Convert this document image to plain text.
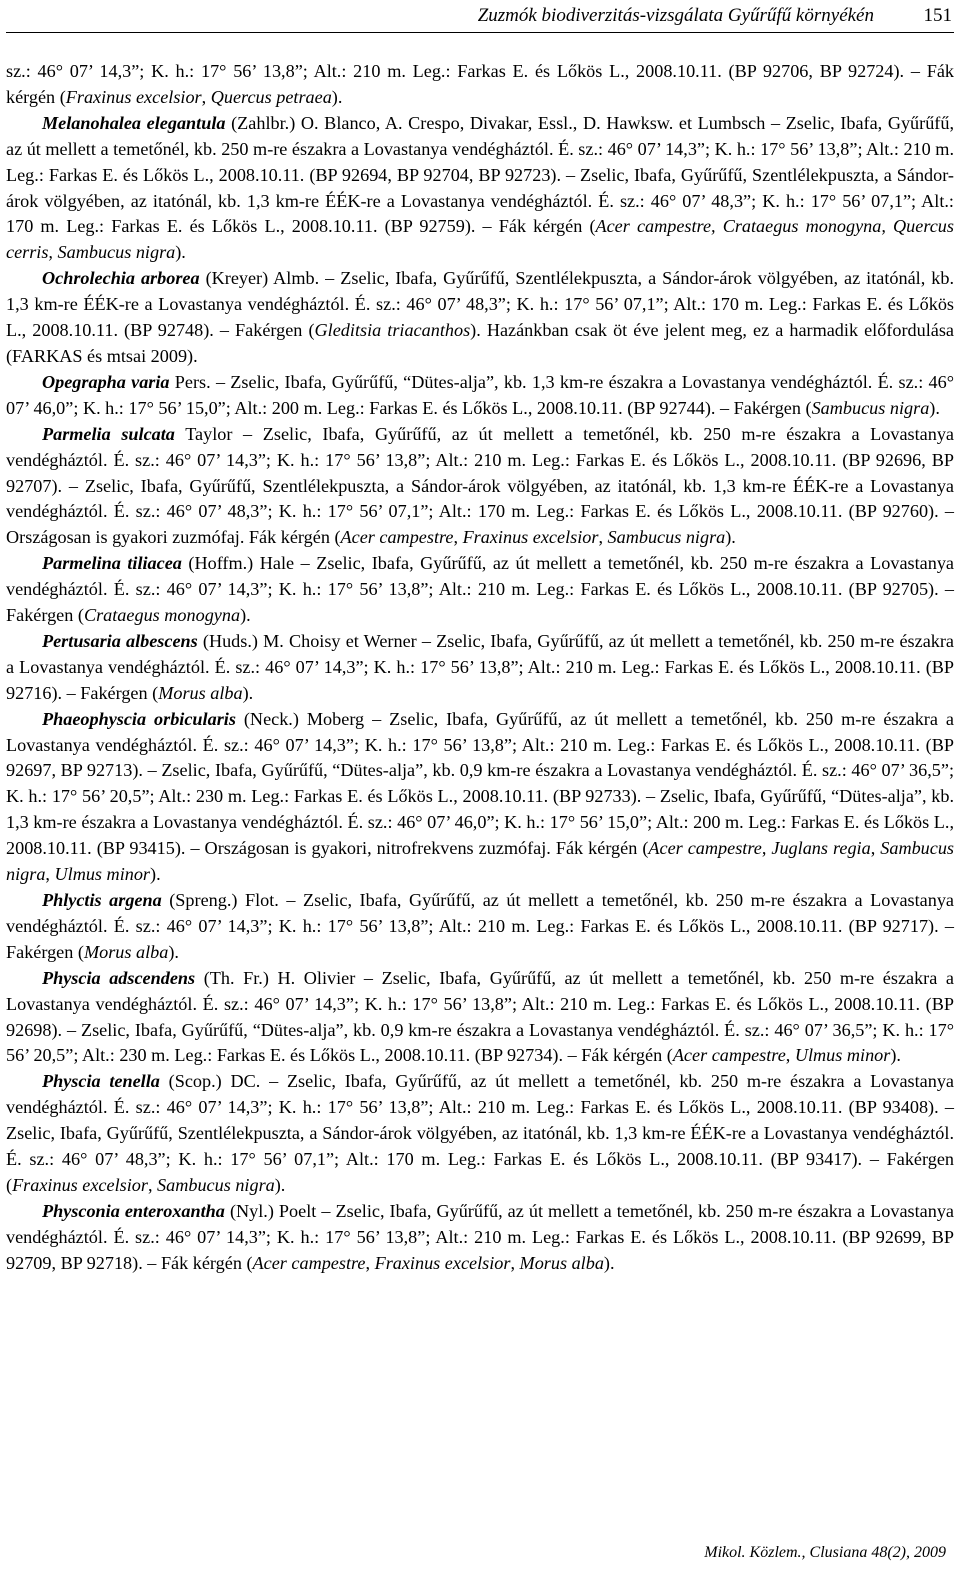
Zuzmók biodiverzitás-vizsgálata Gyűrűfű környékén	151

sz.: 46° 07’ 14,3”; K. h.: 17° 56’ 13,8”; Alt.: 210 m. Leg.: Farkas E. és Lőkös L., 2008.10.11. (BP 92706, BP 92724). – Fák kérgén (Fraxinus excelsior, Quercus petraea).

Melanohalea elegantula (Zahlbr.) O. Blanco, A. Crespo, Divakar, Essl., D. Hawksw. et Lumbsch – Zselic, Ibafa, Gyűrűfű, az út mellett a temetőnél, kb. 250 m-re északra a Lovastanya vendégháztól. É. sz.: 46° 07’ 14,3”; K. h.: 17° 56’ 13,8”; Alt.: 210 m. Leg.: Farkas E. és Lőkös L., 2008.10.11. (BP 92694, BP 92704, BP 92723). – Zselic, Ibafa, Gyűrűfű, Szentlélekpuszta, a Sándor-árok völgyében, az itatónál, kb. 1,3 km-re ÉÉK-re a Lovastanya vendégháztól. É. sz.: 46° 07’ 48,3”; K. h.: 17° 56’ 07,1”; Alt.: 170 m. Leg.: Farkas E. és Lőkös L., 2008.10.11. (BP 92759). – Fák kérgén (Acer campestre, Crataegus monogyna, Quercus cerris, Sambucus nigra).

Ochrolechia arborea (Kreyer) Almb. – Zselic, Ibafa, Gyűrűfű, Szentlélekpuszta, a Sándor-árok völgyében, az itatónál, kb. 1,3 km-re ÉÉK-re a Lovastanya vendégháztól. É. sz.: 46° 07’ 48,3”; K. h.: 17° 56’ 07,1”; Alt.: 170 m. Leg.: Farkas E. és Lőkös L., 2008.10.11. (BP 92748). – Fakérgen (Gleditsia triacanthos). Hazánkban csak öt éve jelent meg, ez a harmadik előfordulása (FARKAS és mtsai 2009).

Opegrapha varia Pers. – Zselic, Ibafa, Gyűrűfű, “Dütes-alja”, kb. 1,3 km-re északra a Lovastanya vendégháztól. É. sz.: 46° 07’ 46,0”; K. h.: 17° 56’ 15,0”; Alt.: 200 m. Leg.: Farkas E. és Lőkös L., 2008.10.11. (BP 92744). – Fakérgen (Sambucus nigra).

Parmelia sulcata Taylor – Zselic, Ibafa, Gyűrűfű, az út mellett a temetőnél, kb. 250 m-re északra a Lovastanya vendégháztól. É. sz.: 46° 07’ 14,3”; K. h.: 17° 56’ 13,8”; Alt.: 210 m. Leg.: Farkas E. és Lőkös L., 2008.10.11. (BP 92696, BP 92707). – Zselic, Ibafa, Gyűrűfű, Szentlélekpuszta, a Sándor-árok völgyében, az itatónál, kb. 1,3 km-re ÉÉK-re a Lovastanya vendégháztól. É. sz.: 46° 07’ 48,3”; K. h.: 17° 56’ 07,1”; Alt.: 170 m. Leg.: Farkas E. és Lőkös L., 2008.10.11. (BP 92760). – Országosan is gyakori zuzmófaj. Fák kérgén (Acer campestre, Fraxinus excelsior, Sambucus nigra).

Parmelina tiliacea (Hoffm.) Hale – Zselic, Ibafa, Gyűrűfű, az út mellett a temetőnél, kb. 250 m-re északra a Lovastanya vendégháztól. É. sz.: 46° 07’ 14,3”; K. h.: 17° 56’ 13,8”; Alt.: 210 m. Leg.: Farkas E. és Lőkös L., 2008.10.11. (BP 92705). – Fakérgen (Crataegus monogyna).

Pertusaria albescens (Huds.) M. Choisy et Werner – Zselic, Ibafa, Gyűrűfű, az út mellett a temetőnél, kb. 250 m-re északra a Lovastanya vendégháztól. É. sz.: 46° 07’ 14,3”; K. h.: 17° 56’ 13,8”; Alt.: 210 m. Leg.: Farkas E. és Lőkös L., 2008.10.11. (BP 92716). – Fakérgen (Morus alba).

Phaeophyscia orbicularis (Neck.) Moberg – Zselic, Ibafa, Gyűrűfű, az út mellett a temetőnél, kb. 250 m-re északra a Lovastanya vendégháztól. É. sz.: 46° 07’ 14,3”; K. h.: 17° 56’ 13,8”; Alt.: 210 m. Leg.: Farkas E. és Lőkös L., 2008.10.11. (BP 92697, BP 92713). – Zselic, Ibafa, Gyűrűfű, “Dütes-alja”, kb. 0,9 km-re északra a Lovastanya vendégháztól. É. sz.: 46° 07’ 36,5”; K. h.: 17° 56’ 20,5”; Alt.: 230 m. Leg.: Farkas E. és Lőkös L., 2008.10.11. (BP 92733). – Zselic, Ibafa, Gyűrűfű, “Dütes-alja”, kb. 1,3 km-re északra a Lovastanya vendégháztól. É. sz.: 46° 07’ 46,0”; K. h.: 17° 56’ 15,0”; Alt.: 200 m. Leg.: Farkas E. és Lőkös L., 2008.10.11. (BP 93415). – Országosan is gyakori, nitrofrekvens zuzmófaj. Fák kérgén (Acer campestre, Juglans regia, Sambucus nigra, Ulmus minor).

Phlyctis argena (Spreng.) Flot. – Zselic, Ibafa, Gyűrűfű, az út mellett a temetőnél, kb. 250 m-re északra a Lovastanya vendégháztól. É. sz.: 46° 07’ 14,3”; K. h.: 17° 56’ 13,8”; Alt.: 210 m. Leg.: Farkas E. és Lőkös L., 2008.10.11. (BP 92717). – Fakérgen (Morus alba).

Physcia adscendens (Th. Fr.) H. Olivier – Zselic, Ibafa, Gyűrűfű, az út mellett a temetőnél, kb. 250 m-re északra a Lovastanya vendégháztól. É. sz.: 46° 07’ 14,3”; K. h.: 17° 56’ 13,8”; Alt.: 210 m. Leg.: Farkas E. és Lőkös L., 2008.10.11. (BP 92698). – Zselic, Ibafa, Gyűrűfű, “Dütes-alja”, kb. 0,9 km-re északra a Lovastanya vendégháztól. É. sz.: 46° 07’ 36,5”; K. h.: 17° 56’ 20,5”; Alt.: 230 m. Leg.: Farkas E. és Lőkös L., 2008.10.11. (BP 92734). – Fák kérgén (Acer campestre, Ulmus minor).

Physcia tenella (Scop.) DC. – Zselic, Ibafa, Gyűrűfű, az út mellett a temetőnél, kb. 250 m-re északra a Lovastanya vendégháztól. É. sz.: 46° 07’ 14,3”; K. h.: 17° 56’ 13,8”; Alt.: 210 m. Leg.: Farkas E. és Lőkös L., 2008.10.11. (BP 93408). – Zselic, Ibafa, Gyűrűfű, Szentlélekpuszta, a Sándor-árok völgyében, az itatónál, kb. 1,3 km-re ÉÉK-re a Lovastanya vendégháztól. É. sz.: 46° 07’ 48,3”; K. h.: 17° 56’ 07,1”; Alt.: 170 m. Leg.: Farkas E. és Lőkös L., 2008.10.11. (BP 93417). – Fakérgen (Fraxinus excelsior, Sambucus nigra).

Physconia enteroxantha (Nyl.) Poelt – Zselic, Ibafa, Gyűrűfű, az út mellett a temetőnél, kb. 250 m-re északra a Lovastanya vendégháztól. É. sz.: 46° 07’ 14,3”; K. h.: 17° 56’ 13,8”; Alt.: 210 m. Leg.: Farkas E. és Lőkös L., 2008.10.11. (BP 92699, BP 92709, BP 92718). – Fák kérgén (Acer campestre, Fraxinus excelsior, Morus alba).

Mikol. Közlem., Clusiana 48(2), 2009
